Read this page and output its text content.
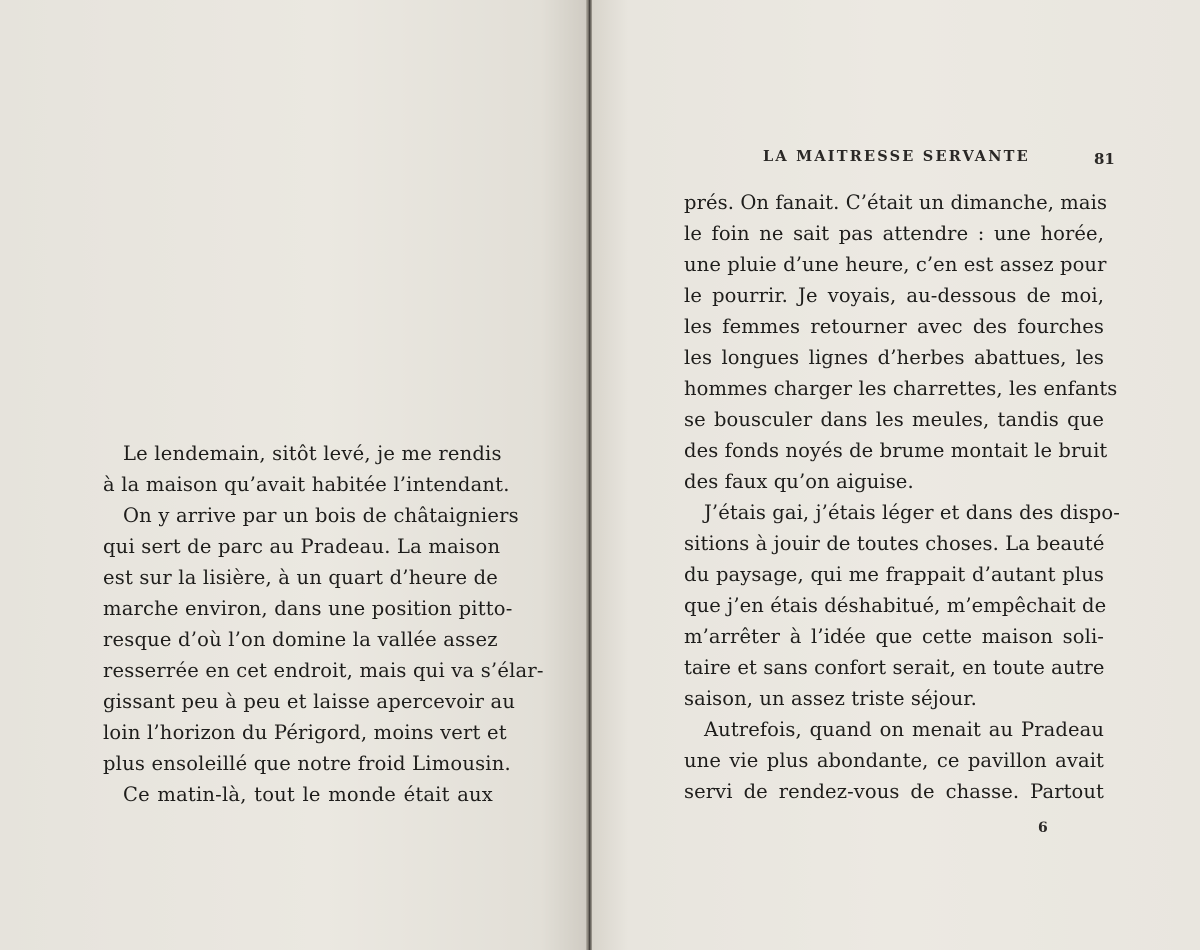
Le lendemain, sitôt levé, je me rendis
à la maison qu’avait habitée l’intendant.
On y arrive par un bois de châtaigniers
qui sert de parc au Pradeau. La maison
est sur la lisière, à un quart d’heure de
marche environ, dans une position pitto-
resque d’où l’on domine la vallée assez
resserrée en cet endroit, mais qui va s’élar-
gissant peu à peu et laisse apercevoir au
loin l’horizon du Périgord, moins vert et
plus ensoleillé que notre froid Limousin.
Ce matin-là, tout le monde était aux
LA MAITRESSE SERVANTE	81
prés. On fanait. C’était un dimanche, mais
le foin ne sait pas attendre : une horée,
une pluie d’une heure, c’en est assez pour
le pourrir. Je voyais, au-dessous de moi,
les femmes retourner avec des fourches
les longues lignes d’herbes abattues, les
hommes charger les charrettes, les enfants
se bousculer dans les meules, tandis que
des fonds noyés de brume montait le bruit
des faux qu’on aiguise.
J’étais gai, j’étais léger et dans des dispo-
sitions à jouir de toutes choses. La beauté
du paysage, qui me frappait d’autant plus
que j’en étais déshabitué, m’empêchait de
m’arrêter à l’idée que cette maison soli-
taire et sans confort serait, en toute autre
saison, un assez triste séjour.
Autrefois, quand on menait au Pradeau
une vie plus abondante, ce pavillon avait
servi de rendez-vous de chasse. Partout
6
